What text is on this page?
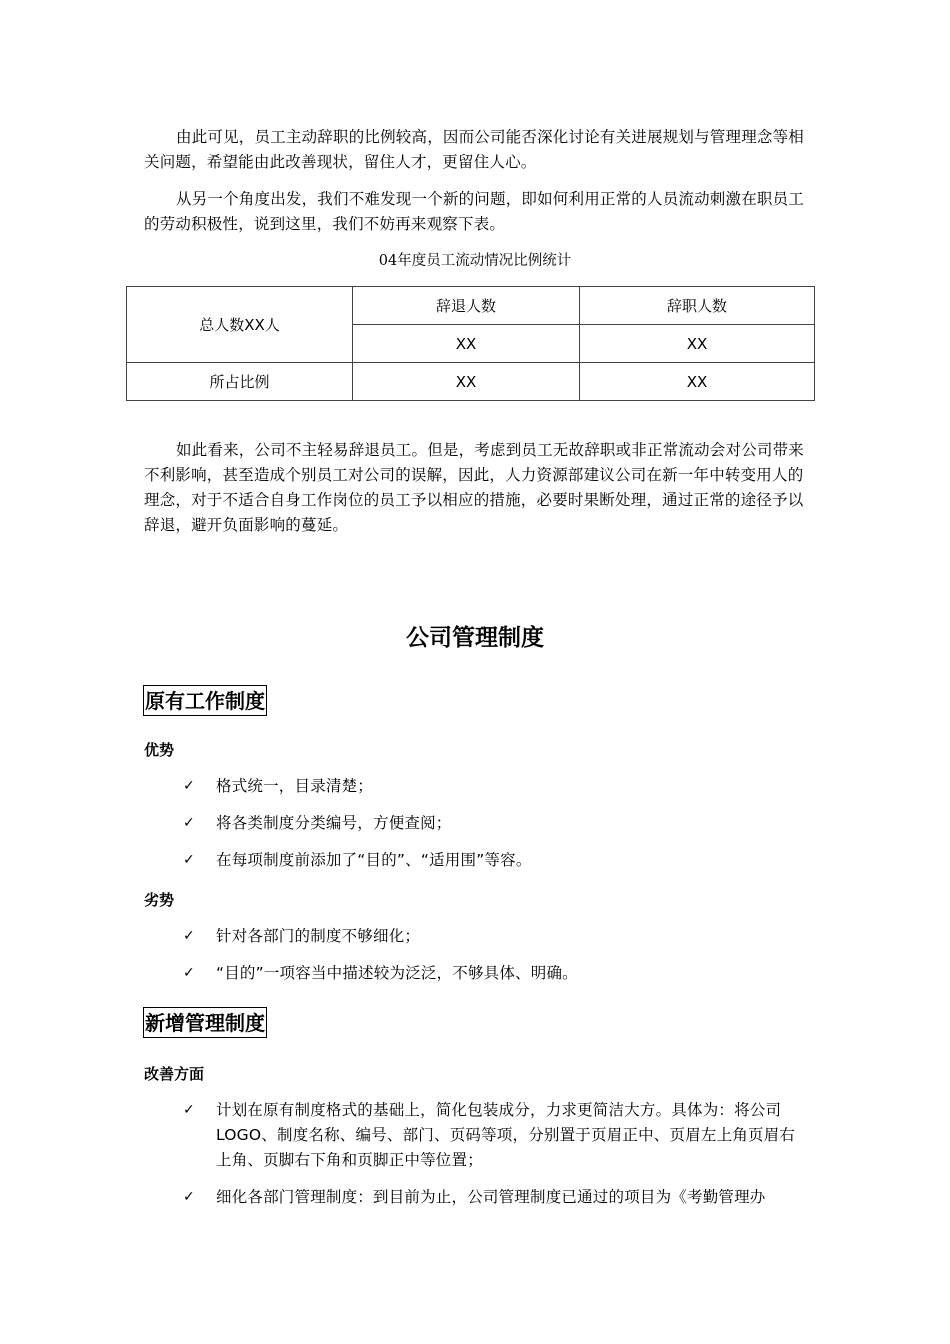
由此可见，员工主动辞职的比例较高，因而公司能否深化讨论有关进展规划与管理理念等相关问题，希望能由此改善现状，留住人才，更留住人心。

从另一个角度出发，我们不难发现一个新的问题，即如何利用正常的人员流动刺激在职员工的劳动积极性，说到这里，我们不妨再来观察下表。

04年度员工流动情况比例统计
总人数XX人	辞退人数	辞职人数
	XX	XX
所占比例	XX	XX

如此看来，公司不主轻易辞退员工。但是，考虑到员工无故辞职或非正常流动会对公司带来不利影响，甚至造成个别员工对公司的误解，因此，人力资源部建议公司在新一年中转变用人的理念，对于不适合自身工作岗位的员工予以相应的措施，必要时果断处理，通过正常的途径予以辞退，避开负面影响的蔓延。

公司管理制度
原有工作制度
优势
✓ 格式统一，目录清楚；
✓ 将各类制度分类编号，方便查阅；
✓ 在每项制度前添加了“目的”、“适用围”等容。
劣势
✓ 针对各部门的制度不够细化；
✓ “目的”一项容当中描述较为泛泛，不够具体、明确。
新增管理制度
改善方面
✓ 计划在原有制度格式的基础上，简化包装成分，力求更简洁大方。具体为：将公司LOGO、制度名称、编号、部门、页码等项，分别置于页眉正中、页眉左上角页眉右上角、页脚右下角和页脚正中等位置；
✓ 细化各部门管理制度：到目前为止，公司管理制度已通过的项目为《考勤管理办
